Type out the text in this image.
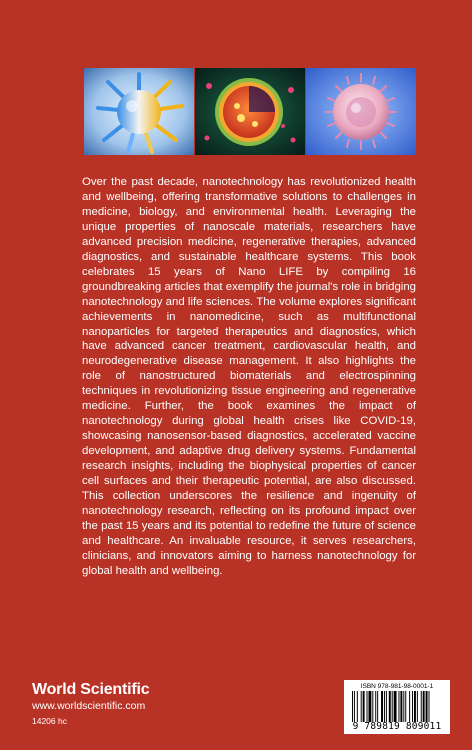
Over the past decade, nanotechnology has revolutionized health and wellbeing, offering transformative solutions to challenges in medicine, biology, and environmental health. Leveraging the unique properties of nanoscale materials, researchers have advanced precision medicine, regenerative therapies, advanced diagnostics, and sustainable healthcare systems. This book celebrates 15 years of Nano LIFE by compiling 16 groundbreaking articles that exemplify the journal's role in bridging nanotechnology and life sciences. The volume explores significant achievements in nanomedicine, such as multifunctional nanoparticles for targeted therapeutics and diagnostics, which have advanced cancer treatment, cardiovascular health, and neurodegenerative disease management. It also highlights the role of nanostructured biomaterials and electrospinning techniques in revolutionizing tissue engineering and regenerative medicine. Further, the book examines the impact of nanotechnology during global health crises like COVID-19, showcasing nanosensor-based diagnostics, accelerated vaccine development, and adaptive drug delivery systems. Fundamental research insights, including the biophysical properties of cancer cell surfaces and their therapeutic potential, are also discussed. This collection underscores the resilience and ingenuity of nanotechnology research, reflecting on its profound impact over the past 15 years and its potential to redefine the future of science and healthcare. An invaluable resource, it serves researchers, clinicians, and innovators aiming to harness nanotechnology for global health and wellbeing.

World Scientific
www.worldscientific.com
14206 hc
ISBN 978-981-98-0001-1
9 789819 809011
